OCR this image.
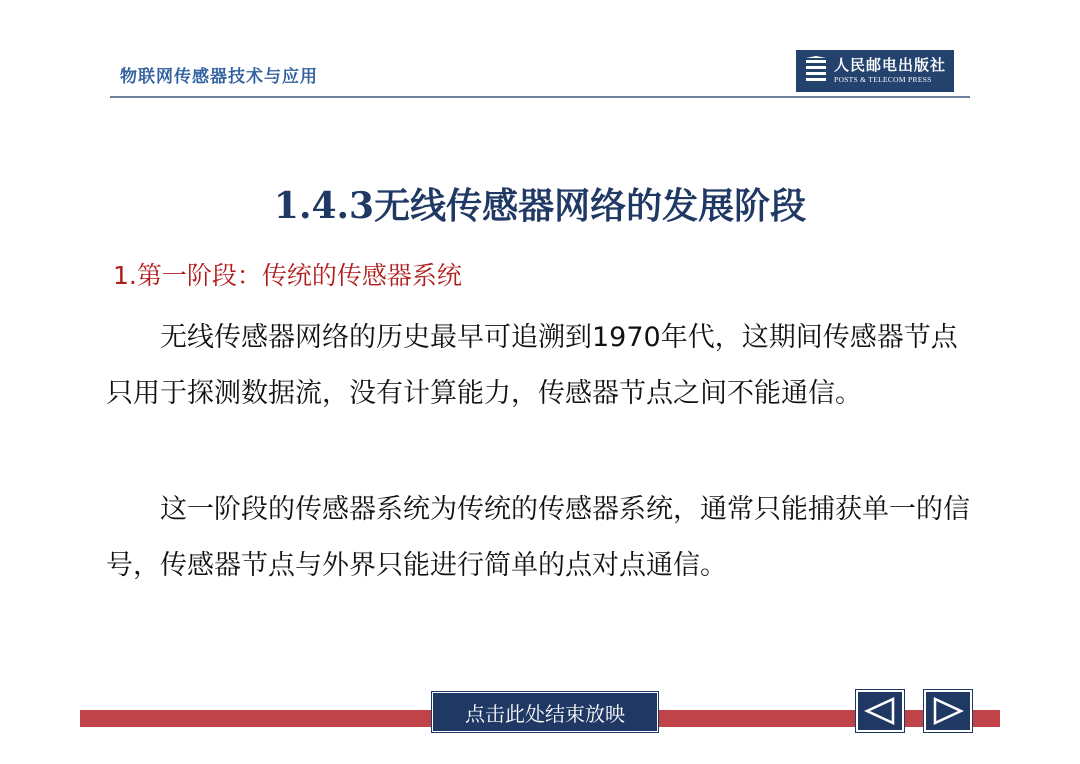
物联网传感器技术与应用
人民邮电出版社
POSTS & TELECOM PRESS
1.4.3无线传感器网络的发展阶段
1.第一阶段：传统的传感器系统
无线传感器网络的历史最早可追溯到1970年代，这期间传感器节点只用于探测数据流，没有计算能力，传感器节点之间不能通信。
这一阶段的传感器系统为传统的传感器系统，通常只能捕获单一的信号，传感器节点与外界只能进行简单的点对点通信。
点击此处结束放映
